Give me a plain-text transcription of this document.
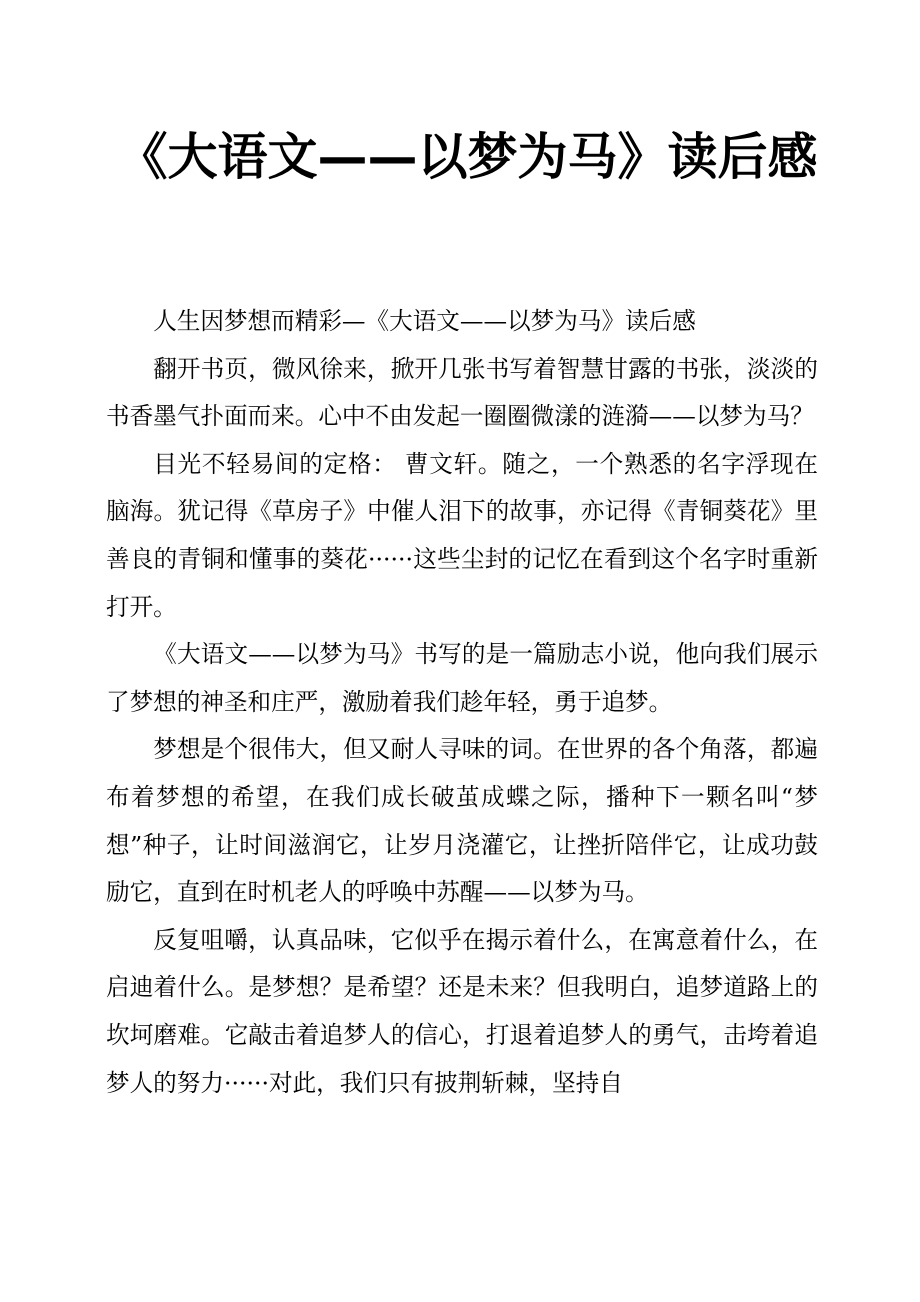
《大语文——以梦为马》读后感

人生因梦想而精彩—《大语文——以梦为马》读后感

翻开书页，微风徐来，掀开几张书写着智慧甘露的书张，淡淡的书香墨气扑面而来。心中不由发起一圈圈微漾的涟漪——以梦为马？

目光不轻易间的定格： 曹文轩。随之，一个熟悉的名字浮现在脑海。犹记得《草房子》中催人泪下的故事，亦记得《青铜葵花》里善良的青铜和懂事的葵花······这些尘封的记忆在看到这个名字时重新打开。

《大语文——以梦为马》书写的是一篇励志小说，他向我们展示了梦想的神圣和庄严，激励着我们趁年轻，勇于追梦。

梦想是个很伟大，但又耐人寻味的词。在世界的各个角落，都遍布着梦想的希望，在我们成长破茧成蝶之际，播种下一颗名叫“梦想”种子，让时间滋润它，让岁月浇灌它，让挫折陪伴它，让成功鼓励它，直到在时机老人的呼唤中苏醒——以梦为马。

反复咀嚼，认真品味，它似乎在揭示着什么，在寓意着什么，在启迪着什么。是梦想？是希望？还是未来？但我明白，追梦道路上的坎坷磨难。它敲击着追梦人的信心，打退着追梦人的勇气，击垮着追梦人的努力······对此，我们只有披荆斩棘，坚持自
